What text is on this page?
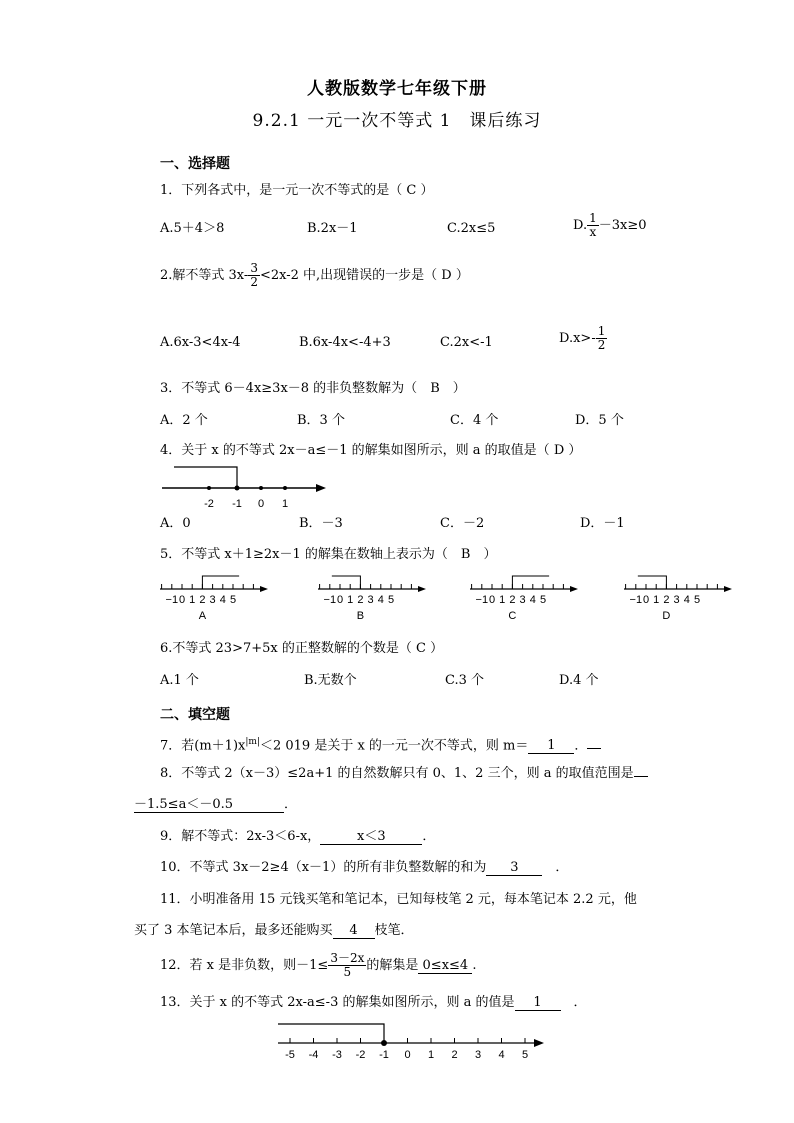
人教版数学七年级下册
9.2.1 一元一次不等式 1　课后练习
一、选择题
1．下列各式中，是一元一次不等式的是（ C ）
A.5＋4＞8	B.2x－1	C.2x≤5	D. $\frac{1}{x} -3x\ge 0$
2.解不等式 $3x- \frac{3}{2} <2x-2$ 中,出现错误的一步是（ D ）
A.6x-3<4x-4	B.6x-4x<-4+3	C.2x<-1	$D.x>- \frac{1}{2}$
3．不等式 6－4x≥3x－8 的非负整数解为（　 B　 ）
A．2 个	B．3 个	C．4 个	D．5 个
4．关于 x 的不等式 2x－a≤－1 的解集如图所示，则 a 的取值是（ D ）
-2 -1 0 1
A．0	B．－3	C．－2	D．－1
5．不等式 x＋1≥2x－1 的解集在数轴上表示为（　 B　 ）
−1 0 1 2 3 4 5
A
−1 0 1 2 3 4 5
B
−1 0 1 2 3 4 5
C
−1 0 1 2 3 4 5
D
6.不等式 23>7+5x 的正整数解的个数是（ C ）
A.1 个	B.无数个	C.3 个	D.4 个
二、填空题
7．若$(m+1)x^{|m|}<2$ 019 是关于 x 的一元一次不等式，则 m＝ 1 ．
8．不等式 2（x－3）≤2a+1 的自然数解只有 0、1、2 三个，则 a 的取值范围是
－1.5≤a＜－0.5	．
9．解不等式：2x-3＜6-x，	x＜3	．
10．不等式 3x－2≥4（x－1）的所有非负整数解的和为 3　	．
11．小明准备用 15 元钱买笔和笔记本，已知每枝笔 2 元，每本笔记本 2.2 元，他
买了 3 本笔记本后，最多还能购买 4 枝笔．
12．若 x 是非负数，则$-1\le \frac{3-2x}{5}$ 的解集是 0≤x≤4 .
13．关于 x 的不等式 2x-a≤-3 的解集如图所示，则 a 的值是 1　 ．
-5 -4 -3 -2 -1 0 1 2 3 4 5
